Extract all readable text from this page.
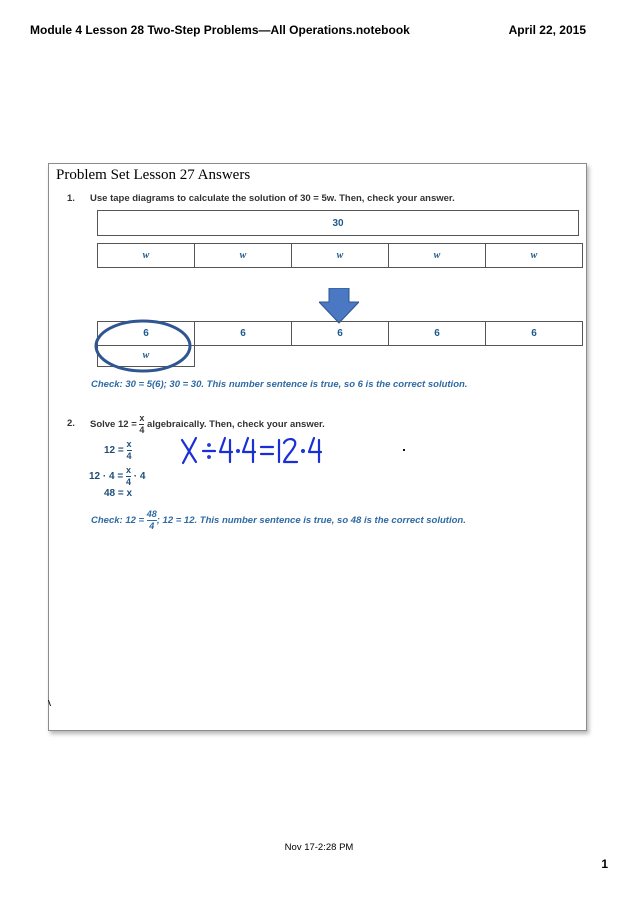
Module 4 Lesson 28 Two-Step Problems—All Operations.notebook	April 22, 2015
Problem Set Lesson 27 Answers
1. Use tape diagrams to calculate the solution of 30 = 5w. Then, check your answer.
30
w	w	w	w	w
6	6	6	6	6
w
Check: 30 = 5(6); 30 = 30. This number sentence is true, so 6 is the correct solution.
2. Solve $12 = \frac{x}{4}$ algebraically. Then, check your answer.
$12 = \frac{x}{4}$
$12 \cdot 4 = \frac{x}{4} \cdot 4$
48 = x
Check: $12 = \frac{48}{4}$ ; 12 = 12. This number sentence is true, so 48 is the correct solution.
Nov 17-2:28 PM
1
